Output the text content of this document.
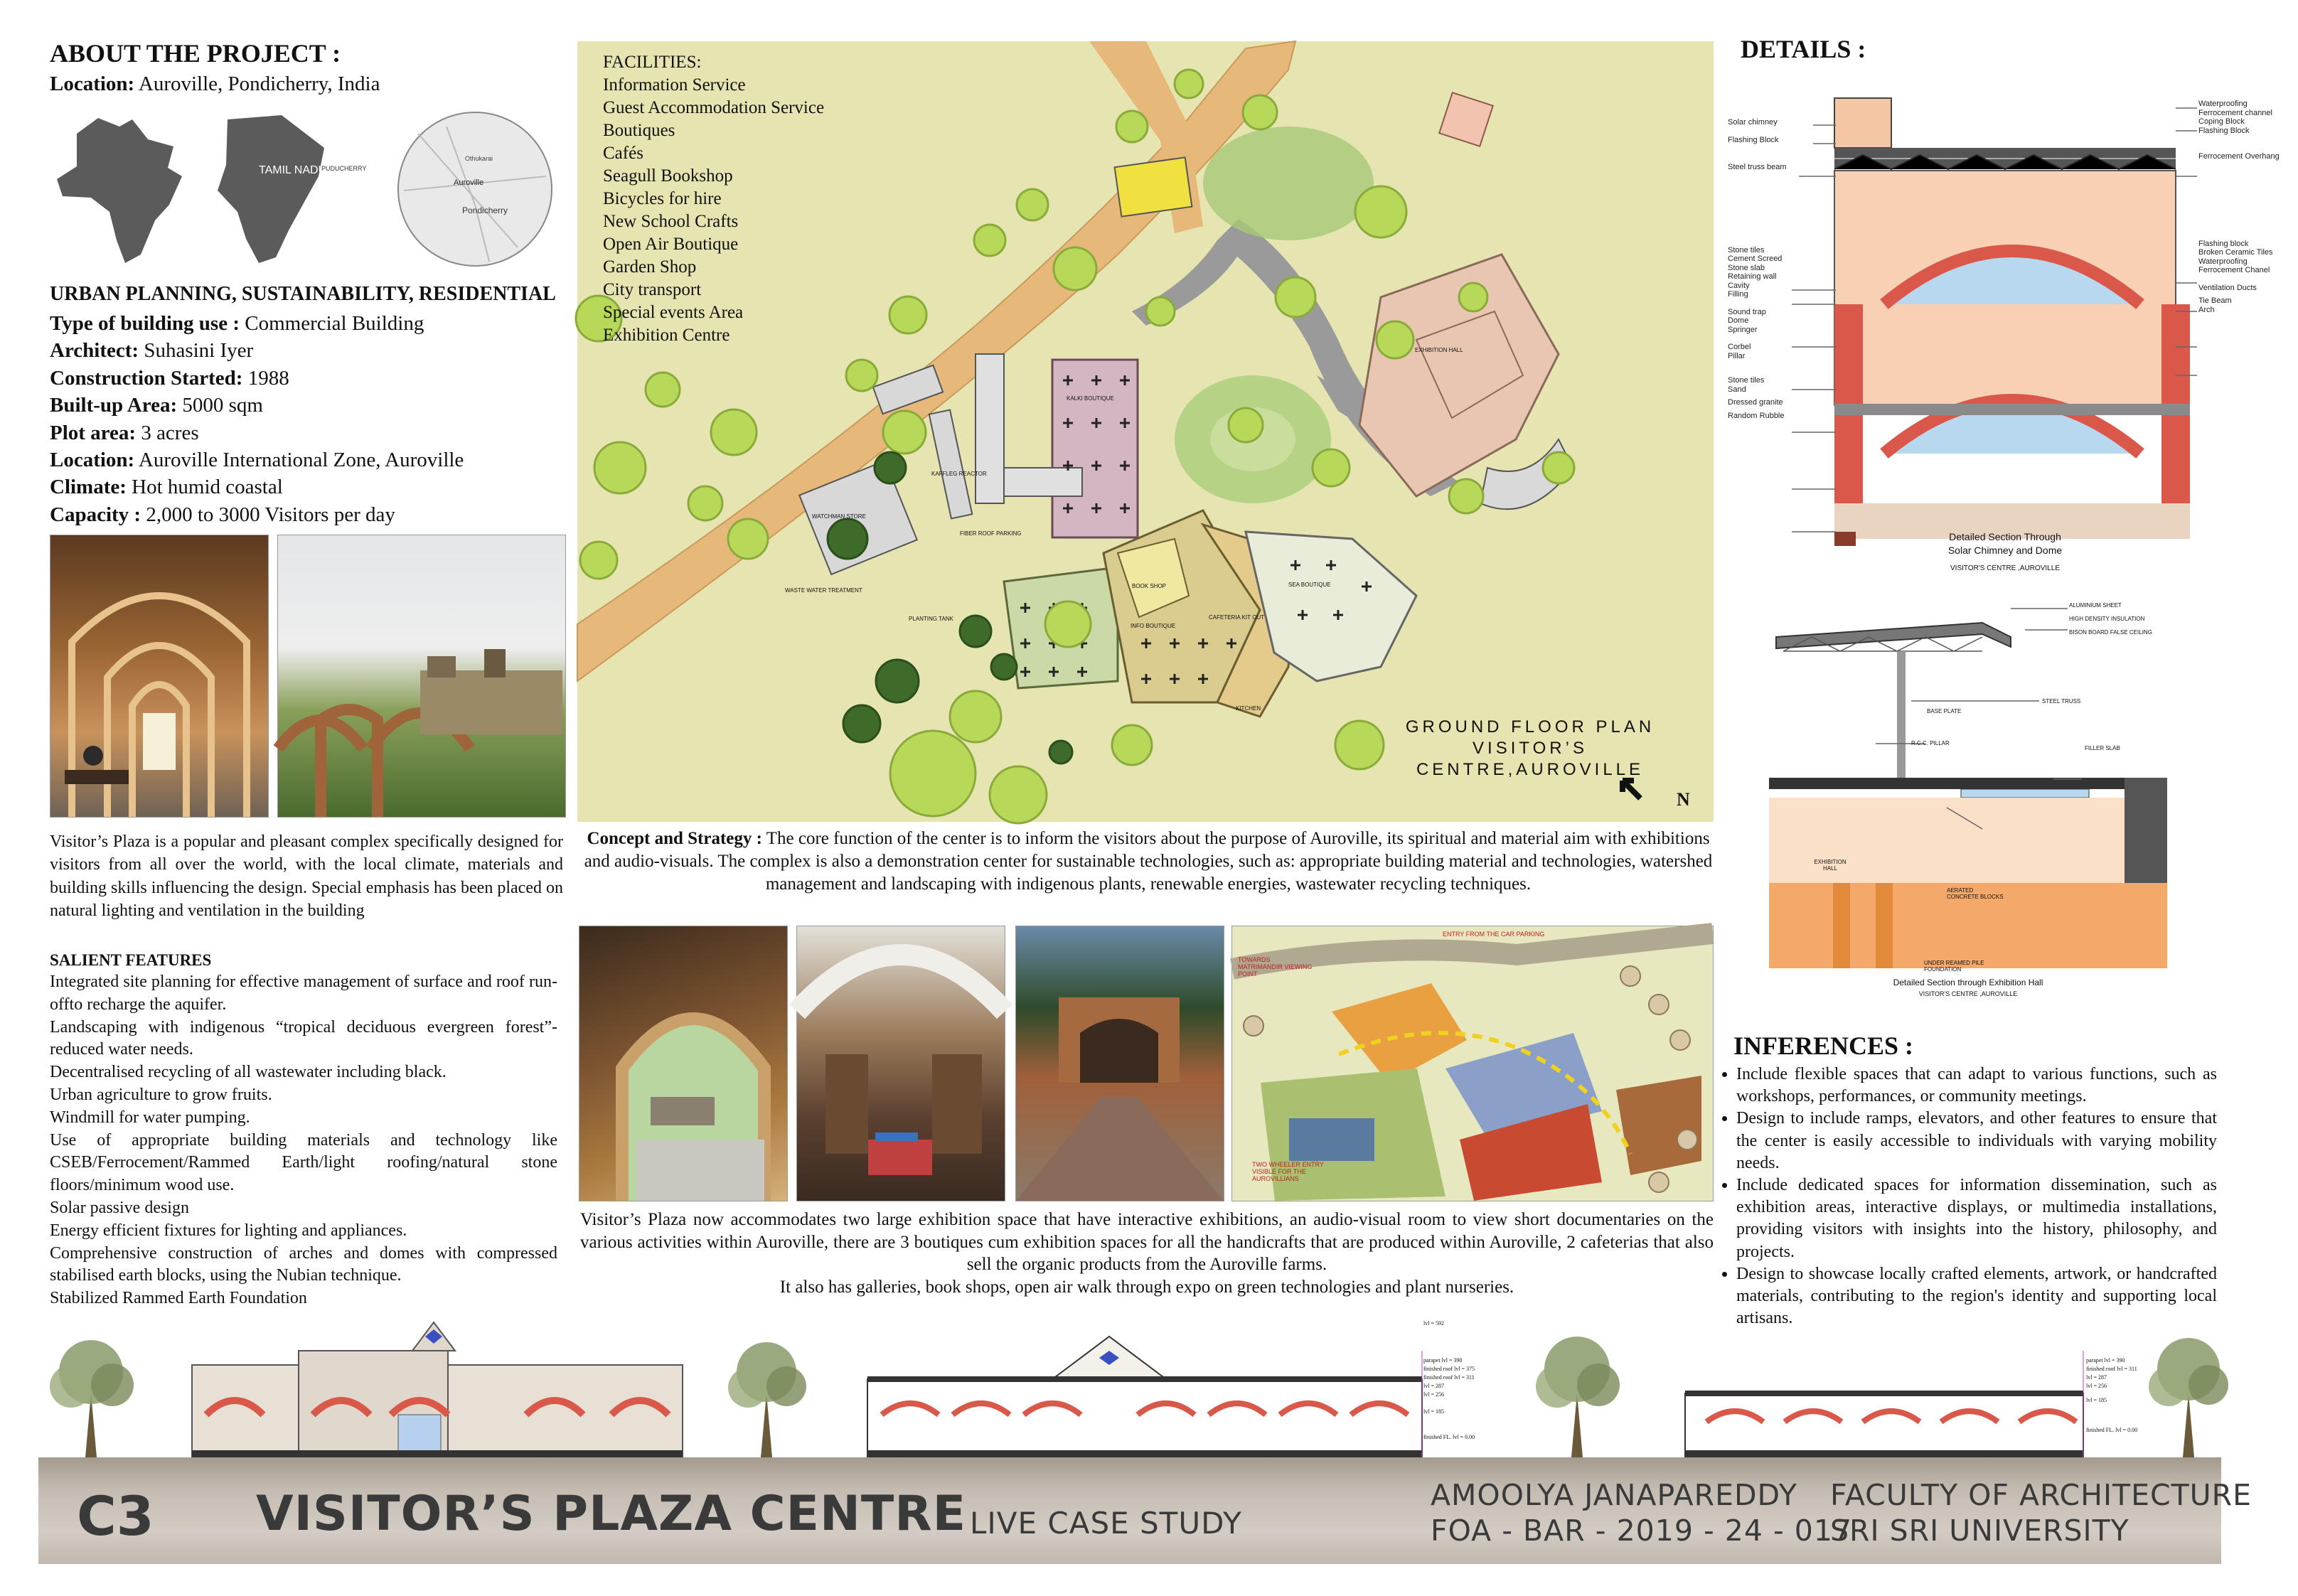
ABOUT THE PROJECT :
Location: Auroville, Pondicherry, India
TAMIL NADU
PUDUCHERRY
Othukarai
Auroville
Pondicherry
URBAN PLANNING, SUSTAINABILITY, RESIDENTIAL
Type of building use : Commercial Building
Architect: Suhasini Iyer
Construction Started: 1988
Built-up Area: 5000 sqm
Plot area: 3 acres
Location: Auroville International Zone, Auroville
Climate: Hot humid coastal
Capacity : 2,000 to 3000 Visitors per day
Visitor’s Plaza is a popular and pleasant complex specifically designed for visitors from all over the world, with the local climate, materials and building skills influencing the design. Special emphasis has been placed on natural lighting and ventilation in the building
SALIENT FEATURES
Integrated site planning for effective management of surface and roof run-offto recharge the aquifer.
Landscaping with indigenous “tropical deciduous evergreen forest”- reduced water needs.
Decentralised recycling of all wastewater including black.
Urban agriculture to grow fruits.
Windmill for water pumping.
Use of appropriate building materials and technology like CSEB/Ferrocement/Rammed Earth/light roofing/natural stone floors/minimum wood use.
Solar passive design
Energy efficient fixtures for lighting and appliances.
Comprehensive construction of arches and domes with compressed stabilised earth blocks, using the Nubian technique.
Stabilized Rammed Earth Foundation
KALKI BOUTIQUE
KAFFLEG REACTOR
FIBER ROOF PARKING
WASTE WATER TREATMENT
WATCHMAN STORE
PLANTING TANK	CAFETERIA KIT OUT
INFO BOUTIQUE
KITCHEN
EXHIBITION HALL
BOOK SHOP	SEA BOUTIQUE
FACILITIES:
Information Service
Guest Accommodation Service
Boutiques
Cafés
Seagull Bookshop
Bicycles for hire
New School Crafts
Open Air Boutique
Garden Shop
City transport
Special events Area
Exhibition Centre
GROUND FLOOR PLAN
VISITOR’S CENTRE,AUROVILLE
N
Concept and Strategy : The core function of the center is to inform the visitors about the purpose of Auroville, its spiritual and material aim with exhibitions and audio-visuals. The complex is also a demonstration center for sustainable technologies, such as: appropriate building material and technologies, watershed management and landscaping with indigenous plants, renewable energies, wastewater recycling techniques.
ENTRY FROM THE CAR PARKING
TOWARDS MATRIMANDIR VIEWING POINT
TWO WHEELER ENTRY VISIBLE FOR THE AUROVILLIANS
Visitor’s Plaza now accommodates two large exhibition space that have interactive exhibitions, an audio-visual room to view short documentaries on the various activities within Auroville, there are 3 boutiques cum exhibition spaces for all the handicrafts that are produced within Auroville, 2 cafeterias that also sell the organic products from the Auroville farms.
It also has galleries, book shops, open air walk through expo on green technologies and plant nurseries.
DETAILS :
Solar chimney
Flashing Block
Steel truss beam
Stone tiles
Cement Screed
Stone slab
Retaining wall
Cavity
Filling
Sound trap
Dome
Springer
Corbel
Pillar
Stone tiles
Sand
Dressed granite
Random Rubble
Waterproofing
Ferrocement channel
Coping Block
Flashing Block
Ferrocement Overhang
Flashing block
Broken Ceramic Tiles
Waterproofing
Ferrocement Chanel
Ventilation Ducts
Tie Beam
Arch
Detailed Section Through
Solar Chimney and Dome
VISITOR'S CENTRE ,AUROVILLE
ALUMINIUM SHEET
HIGH DENSITY INSULATION
BISON BOARD FALSE CEILING
STEEL TRUSS
BASE PLATE
R.C.C. PILLAR
FILLER SLAB
EXHIBITION HALL
AERATED CONCRETE BLOCKS
UNDER REAMED PILE FOUNDATION
Detailed Section through Exhibition Hall
VISITOR'S CENTRE ,AUROVILLE
INFERENCES :
• Include flexible spaces that can adapt to various functions, such as workshops, performances, or community meetings.
• Design to include ramps, elevators, and other features to ensure that the center is easily accessible to individuals with varying mobility needs.
• Include dedicated spaces for information dissemination, such as exhibition areas, interactive displays, or multimedia installations, providing visitors with insights into the history, philosophy, and projects.
• Design to showcase locally crafted elements, artwork, or handcrafted materials, contributing to the region's identity and supporting local artisans.
lvl = 592
parapet lvl = 390
finished roof lvl = 375
finished roof lvl = 311
lvl = 287
lvl = 256
lvl = 185
finished FL. lvl = 0.00
parapet lvl = 390
finished roof lvl = 311
lvl = 287
lvl = 256
lvl = 185
finished FL. lvl = 0.00
C3 VISITOR’S PLAZA CENTRE LIVE CASE STUDY
AMOOLYA JANAPAREDDY
FOA - BAR - 2019 - 24 - 017
FACULTY OF ARCHITECTURE
SRI SRI UNIVERSITY
